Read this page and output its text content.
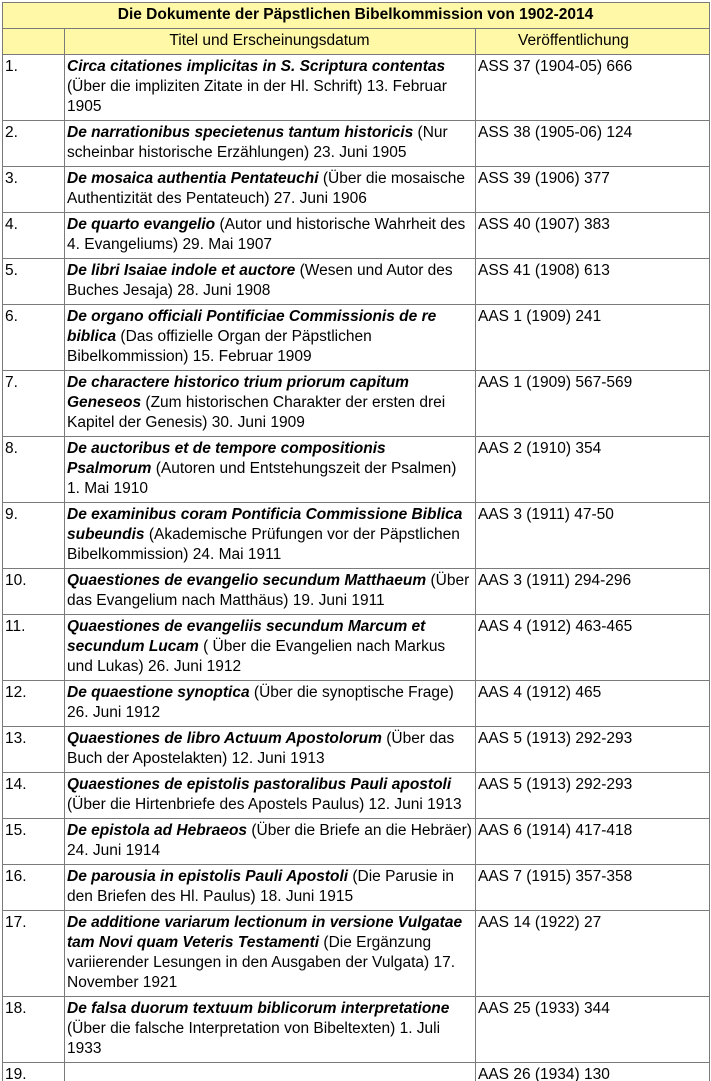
Die Dokumente der Päpstlichen Bibelkommission von 1902-2014		
	Titel und Erscheinungsdatum	Veröffentlichung
1.	Circa citationes implicitas in S. Scriptura contentas (Über die impliziten Zitate in der Hl. Schrift) 13. Februar 1905	ASS 37 (1904-05) 666
2.	De narrationibus specietenus tantum historicis (Nur scheinbar historische Erzählungen) 23. Juni 1905	ASS 38 (1905-06) 124
3.	De mosaica authentia Pentateuchi (Über die mosaische Authentizität des Pentateuch) 27. Juni 1906	ASS 39 (1906) 377
4.	De quarto evangelio (Autor und historische Wahrheit des 4. Evangeliums) 29. Mai 1907	ASS 40 (1907) 383
5.	De libri Isaiae indole et auctore (Wesen und Autor des Buches Jesaja) 28. Juni 1908	ASS 41 (1908) 613
6.	De organo officiali Pontificiae Commissionis de re biblica (Das offizielle Organ der Päpstlichen Bibelkommission) 15. Februar 1909	AAS 1 (1909) 241
7.	De charactere historico trium priorum capitum Geneseos (Zum historischen Charakter der ersten drei Kapitel der Genesis) 30. Juni 1909	AAS 1 (1909) 567-569
8.	De auctoribus et de tempore compositionis Psalmorum (Autoren und Entstehungszeit der Psalmen) 1. Mai 1910	AAS 2 (1910) 354
9.	De examinibus coram Pontificia Commissione Biblica subeundis (Akademische Prüfungen vor der Päpstlichen Bibelkommission) 24. Mai 1911	AAS 3 (1911) 47-50
10.	Quaestiones de evangelio secundum Matthaeum (Über das Evangelium nach Matthäus) 19. Juni 1911	AAS 3 (1911) 294-296
11.	Quaestiones de evangeliis secundum Marcum et secundum Lucam ( Über die Evangelien nach Markus und Lukas) 26. Juni 1912	AAS 4 (1912) 463-465
12.	De quaestione synoptica (Über die synoptische Frage) 26. Juni 1912	AAS 4 (1912) 465
13.	Quaestiones de libro Actuum Apostolorum (Über das Buch der Apostelakten) 12. Juni 1913	AAS 5 (1913) 292-293
14.	Quaestiones de epistolis pastoralibus Pauli apostoli (Über die Hirtenbriefe des Apostels Paulus) 12. Juni 1913	AAS 5 (1913) 292-293
15.	De epistola ad Hebraeos (Über die Briefe an die Hebräer) 24. Juni 1914	AAS 6 (1914) 417-418
16.	De parousia in epistolis Pauli Apostoli (Die Parusie in den Briefen des Hl. Paulus) 18. Juni 1915	AAS 7 (1915) 357-358
17.	De additione variarum lectionum in versione Vulgatae tam Novi quam Veteris Testamenti (Die Ergänzung variierender Lesungen in den Ausgaben der Vulgata) 17. November 1921	AAS 14 (1922) 27
18.	De falsa duorum textuum biblicorum interpretatione (Über die falsche Interpretation von Bibeltexten) 1. Juli 1933	AAS 25 (1933) 344
19.		AAS 26 (1934) 130
